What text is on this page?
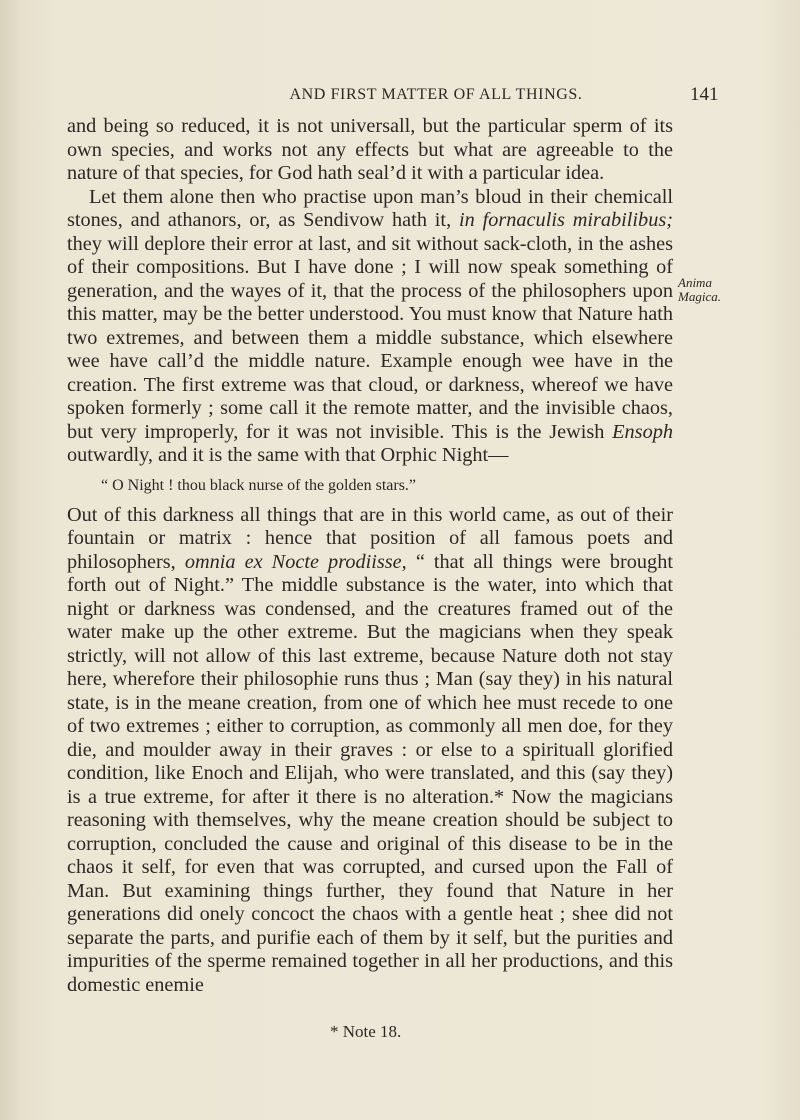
AND FIRST MATTER OF ALL THINGS.	141
Anima
Magica.

and being so reduced, it is not universall, but the particular sperm of its own species, and works not any effects but what are agreeable to the nature of that species, for God hath seal’d it with a particular idea.

Let them alone then who practise upon man’s bloud in their chemicall stones, and athanors, or, as Sendivow hath it, in fornaculis mirabilibus; they will deplore their error at last, and sit without sack-cloth, in the ashes of their compositions. But I have done ; I will now speak something of generation, and the wayes of it, that the process of the philosophers upon this matter, may be the better understood. You must know that Nature hath two extremes, and between them a middle substance, which elsewhere wee have call’d the middle nature. Example enough wee have in the creation. The first extreme was that cloud, or darkness, whereof we have spoken formerly ; some call it the remote matter, and the invisible chaos, but very improperly, for it was not invisible. This is the Jewish Ensoph outwardly, and it is the same with that Orphic Night—

“ O Night ! thou black nurse of the golden stars.”

Out of this darkness all things that are in this world came, as out of their fountain or matrix : hence that position of all famous poets and philosophers, omnia ex Nocte prodiisse, “ that all things were brought forth out of Night.” The middle substance is the water, into which that night or darkness was condensed, and the creatures framed out of the water make up the other extreme. But the magicians when they speak strictly, will not allow of this last extreme, because Nature doth not stay here, wherefore their philosophie runs thus ; Man (say they) in his natural state, is in the meane creation, from one of which hee must recede to one of two extremes ; either to corruption, as commonly all men doe, for they die, and moulder away in their graves : or else to a spirituall glorified condition, like Enoch and Elijah, who were translated, and this (say they) is a true extreme, for after it there is no alteration.* Now the magicians reasoning with themselves, why the meane creation should be subject to corruption, concluded the cause and original of this disease to be in the chaos it self, for even that was corrupted, and cursed upon the Fall of Man. But examining things further, they found that Nature in her generations did onely concoct the chaos with a gentle heat ; shee did not separate the parts, and purifie each of them by it self, but the purities and impurities of the sperme remained together in all her productions, and this domestic enemie

* Note 18.
